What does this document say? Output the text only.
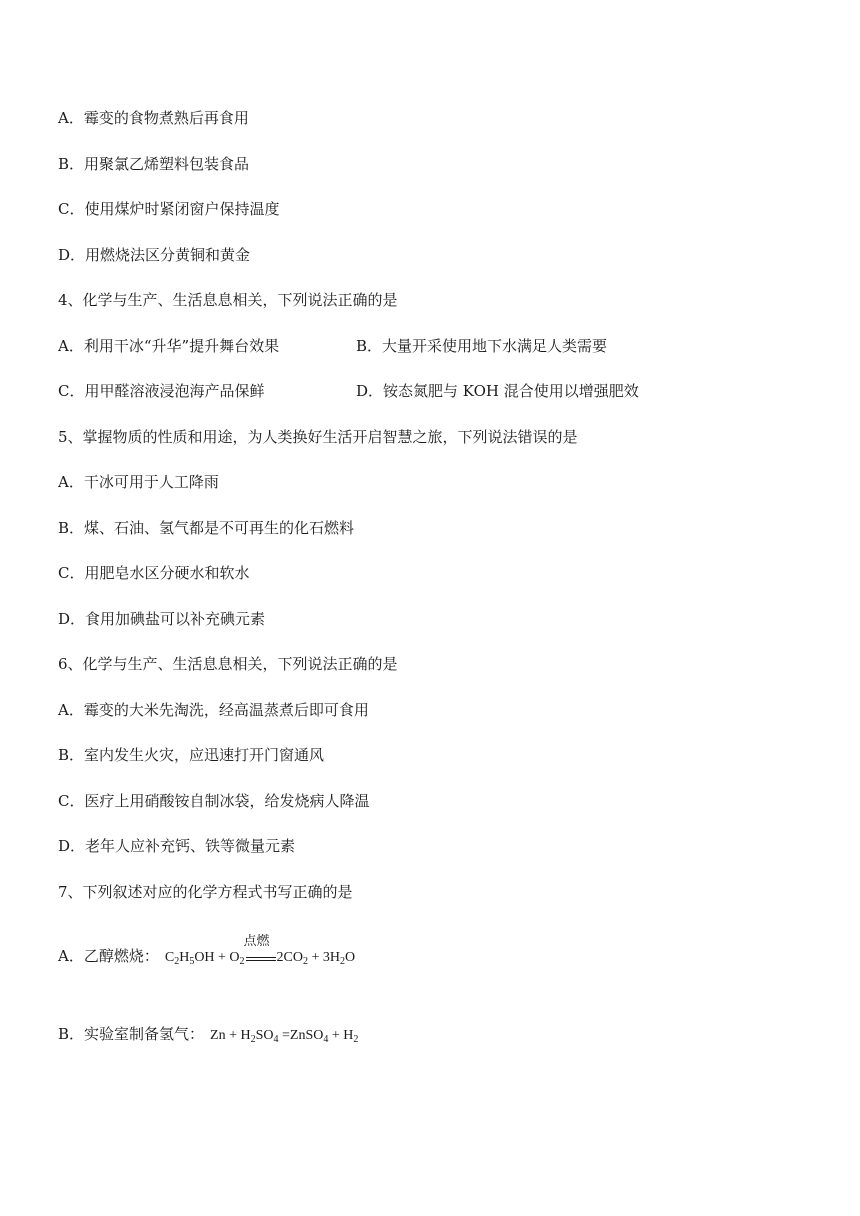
A．霉变的食物煮熟后再食用
B．用聚氯乙烯塑料包装食品
C．使用煤炉时紧闭窗户保持温度
D．用燃烧法区分黄铜和黄金
4、化学与生产、生活息息相关，下列说法正确的是
A．利用干冰“升华”提升舞台效果	B．大量开采使用地下水满足人类需要
C．用甲醛溶液浸泡海产品保鲜	D．铵态氮肥与 KOH 混合使用以增强肥效
5、掌握物质的性质和用途，为人类换好生活开启智慧之旅，下列说法错误的是
A．干冰可用于人工降雨
B．煤、石油、氢气都是不可再生的化石燃料
C．用肥皂水区分硬水和软水
D．食用加碘盐可以补充碘元素
6、化学与生产、生活息息相关，下列说法正确的是
A．霉变的大米先淘洗，经高温蒸煮后即可食用
B．室内发生火灾，应迅速打开门窗通风
C．医疗上用硝酸铵自制冰袋，给发烧病人降温
D．老年人应补充钙、铁等微量元素
7、下列叙述对应的化学方程式书写正确的是
A．乙醇燃烧： $C_2H_5OH + O_2$
点燃
$2CO_2 + 3H_2O$
B．实验室制备氢气： $Zn + H_2SO_4$ =ZnSO$_4$ + $H_2$
